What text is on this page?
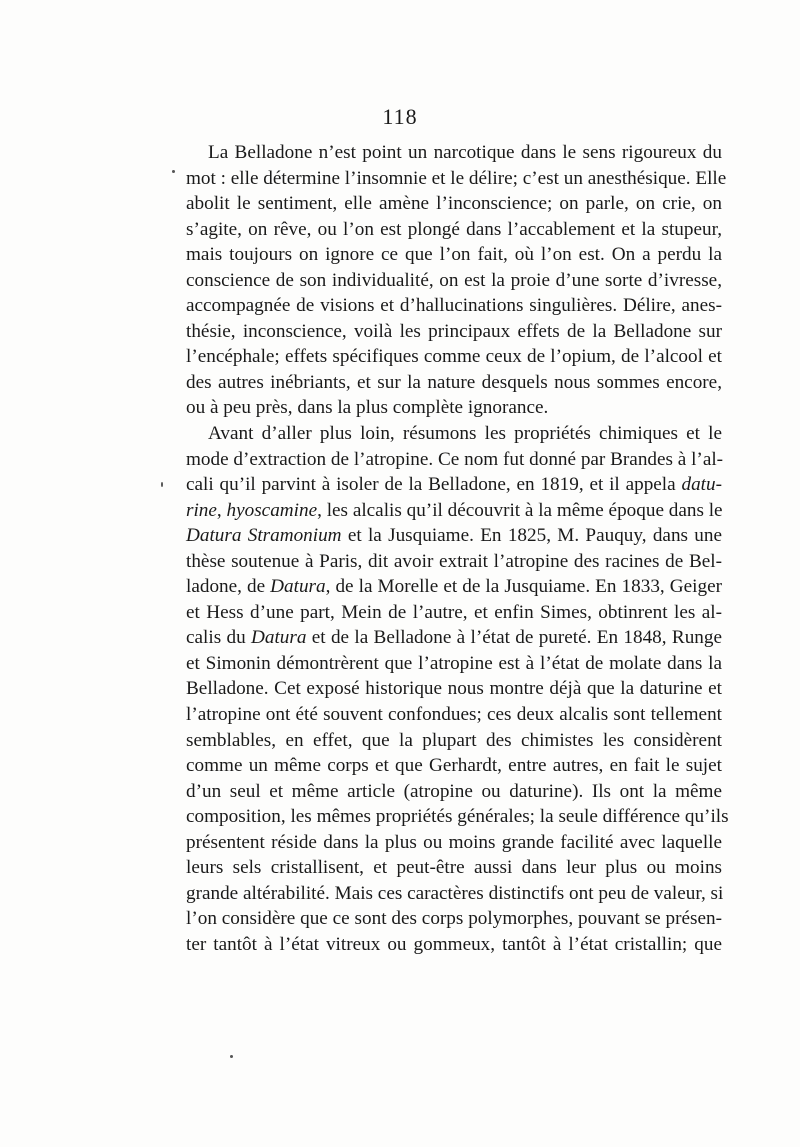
118
La Belladone n’est point un narcotique dans le sens rigoureux du
mot : elle détermine l’insomnie et le délire; c’est un anesthésique. Elle
abolit le sentiment, elle amène l’inconscience; on parle, on crie, on
s’agite, on rêve, ou l’on est plongé dans l’accablement et la stupeur,
mais toujours on ignore ce que l’on fait, où l’on est. On a perdu la
conscience de son individualité, on est la proie d’une sorte d’ivresse,
accompagnée de visions et d’hallucinations singulières. Délire, anes-
thésie, inconscience, voilà les principaux effets de la Belladone sur
l’encéphale; effets spécifiques comme ceux de l’opium, de l’alcool et
des autres inébriants, et sur la nature desquels nous sommes encore,
ou à peu près, dans la plus complète ignorance.
Avant d’aller plus loin, résumons les propriétés chimiques et le
mode d’extraction de l’atropine. Ce nom fut donné par Brandes à l’al-
cali qu’il parvint à isoler de la Belladone, en 1819, et il appela datu-
rine, hyoscamine, les alcalis qu’il découvrit à la même époque dans le
Datura Stramonium et la Jusquiame. En 1825, M. Pauquy, dans une
thèse soutenue à Paris, dit avoir extrait l’atropine des racines de Bel-
ladone, de Datura, de la Morelle et de la Jusquiame. En 1833, Geiger
et Hess d’une part, Mein de l’autre, et enfin Simes, obtinrent les al-
calis du Datura et de la Belladone à l’état de pureté. En 1848, Runge
et Simonin démontrèrent que l’atropine est à l’état de molate dans la
Belladone. Cet exposé historique nous montre déjà que la daturine et
l’atropine ont été souvent confondues; ces deux alcalis sont tellement
semblables, en effet, que la plupart des chimistes les considèrent
comme un même corps et que Gerhardt, entre autres, en fait le sujet
d’un seul et même article (atropine ou daturine). Ils ont la même
composition, les mêmes propriétés générales; la seule différence qu’ils
présentent réside dans la plus ou moins grande facilité avec laquelle
leurs sels cristallisent, et peut-être aussi dans leur plus ou moins
grande altérabilité. Mais ces caractères distinctifs ont peu de valeur, si
l’on considère que ce sont des corps polymorphes, pouvant se présen-
ter tantôt à l’état vitreux ou gommeux, tantôt à l’état cristallin; que
